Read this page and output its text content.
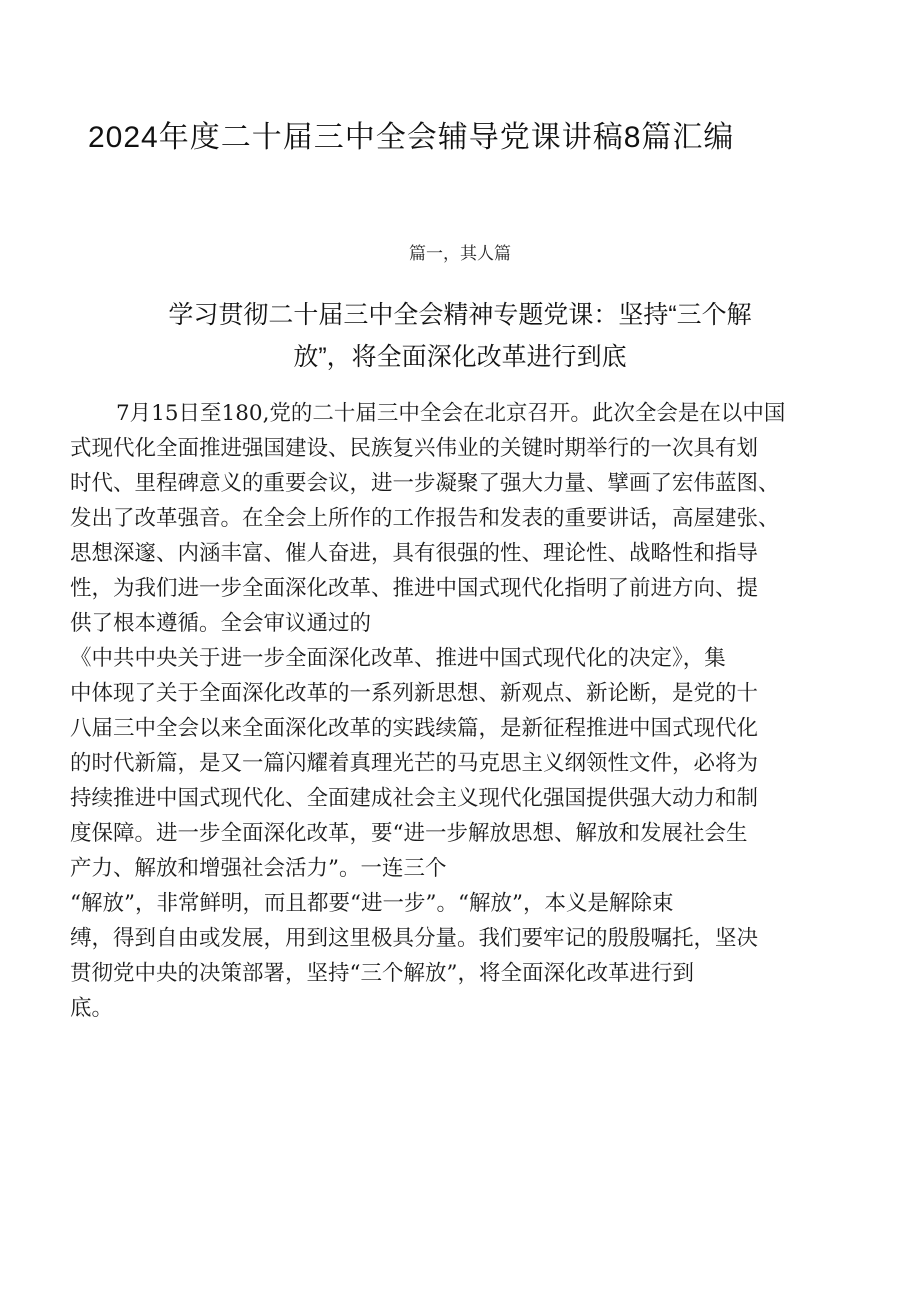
2024年度二十届三中全会辅导党课讲稿8篇汇编
篇一，其人篇
学习贯彻二十届三中全会精神专题党课：坚持“三个解
放”，将全面深化改革进行到底
7月15日至180,党的二十届三中全会在北京召开。此次全会是在以中国
式现代化全面推进强国建设、民族复兴伟业的关键时期举行的一次具有划
时代、里程碑意义的重要会议，进一步凝聚了强大力量、擘画了宏伟蓝图、
发出了改革强音。在全会上所作的工作报告和发表的重要讲话，高屋建张、
思想深邃、内涵丰富、催人奋进，具有很强的性、理论性、战略性和指导
性，为我们进一步全面深化改革、推进中国式现代化指明了前进方向、提
供了根本遵循。全会审议通过的
《中共中央关于进一步全面深化改革、推进中国式现代化的决定》，集
中体现了关于全面深化改革的一系列新思想、新观点、新论断，是党的十
八届三中全会以来全面深化改革的实践续篇，是新征程推进中国式现代化
的时代新篇，是又一篇闪耀着真理光芒的马克思主义纲领性文件，必将为
持续推进中国式现代化、全面建成社会主义现代化强国提供强大动力和制
度保障。进一步全面深化改革，要“进一步解放思想、解放和发展社会生
产力、解放和增强社会活力”。一连三个
“解放”，非常鲜明，而且都要“进一步”。“解放”，本义是解除束
缚，得到自由或发展，用到这里极具分量。我们要牢记的殷殷嘱托，坚决
贯彻党中央的决策部署，坚持“三个解放”，将全面深化改革进行到
底。
